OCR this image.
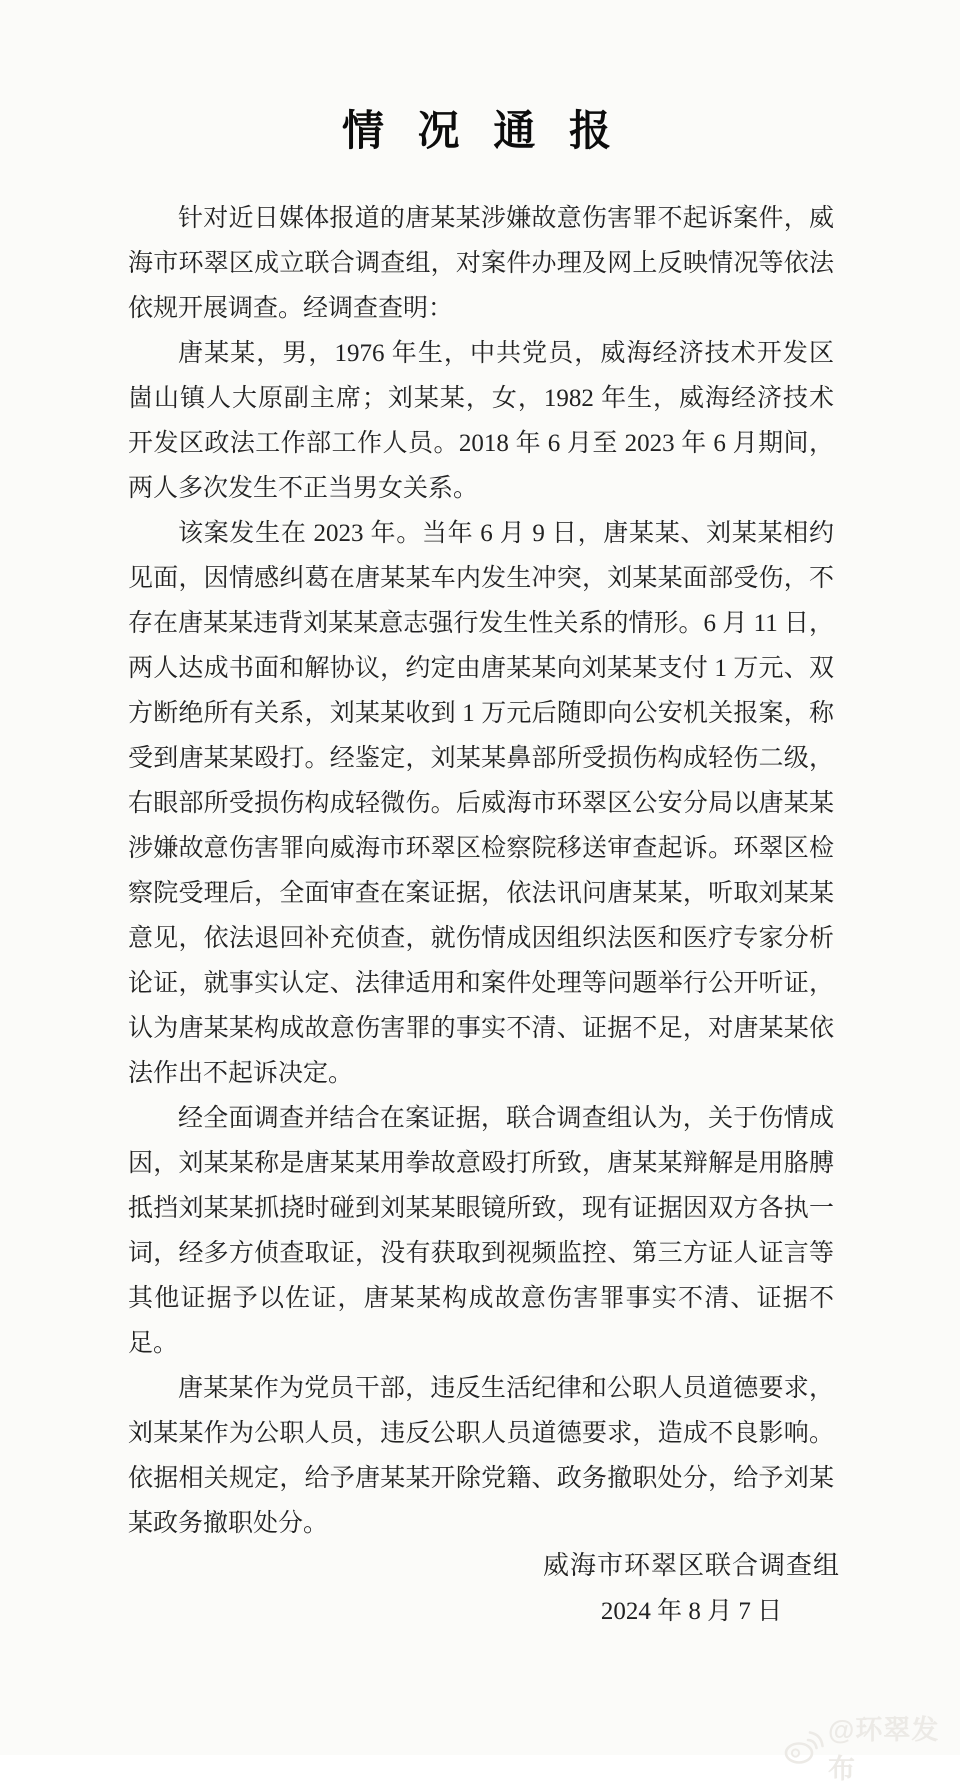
情 况 通 报

针对近日媒体报道的唐某某涉嫌故意伤害罪不起诉案件，威海市环翠区成立联合调查组，对案件办理及网上反映情况等依法依规开展调查。经调查查明：

唐某某，男，1976 年生，中共党员，威海经济技术开发区崮山镇人大原副主席；刘某某，女，1982 年生，威海经济技术开发区政法工作部工作人员。2018 年 6 月至 2023 年 6 月期间，两人多次发生不正当男女关系。

该案发生在 2023 年。当年 6 月 9 日，唐某某、刘某某相约见面，因情感纠葛在唐某某车内发生冲突，刘某某面部受伤，不存在唐某某违背刘某某意志强行发生性关系的情形。6 月 11 日，两人达成书面和解协议，约定由唐某某向刘某某支付 1 万元、双方断绝所有关系，刘某某收到 1 万元后随即向公安机关报案，称受到唐某某殴打。经鉴定，刘某某鼻部所受损伤构成轻伤二级，右眼部所受损伤构成轻微伤。后威海市环翠区公安分局以唐某某涉嫌故意伤害罪向威海市环翠区检察院移送审查起诉。环翠区检察院受理后，全面审查在案证据，依法讯问唐某某，听取刘某某意见，依法退回补充侦查，就伤情成因组织法医和医疗专家分析论证，就事实认定、法律适用和案件处理等问题举行公开听证，认为唐某某构成故意伤害罪的事实不清、证据不足，对唐某某依法作出不起诉决定。

经全面调查并结合在案证据，联合调查组认为，关于伤情成因，刘某某称是唐某某用拳故意殴打所致，唐某某辩解是用胳膊抵挡刘某某抓挠时碰到刘某某眼镜所致，现有证据因双方各执一词，经多方侦查取证，没有获取到视频监控、第三方证人证言等其他证据予以佐证，唐某某构成故意伤害罪事实不清、证据不足。

唐某某作为党员干部，违反生活纪律和公职人员道德要求，刘某某作为公职人员，违反公职人员道德要求，造成不良影响。依据相关规定，给予唐某某开除党籍、政务撤职处分，给予刘某某政务撤职处分。

威海市环翠区联合调查组
2024 年 8 月 7 日
@环翠发布
